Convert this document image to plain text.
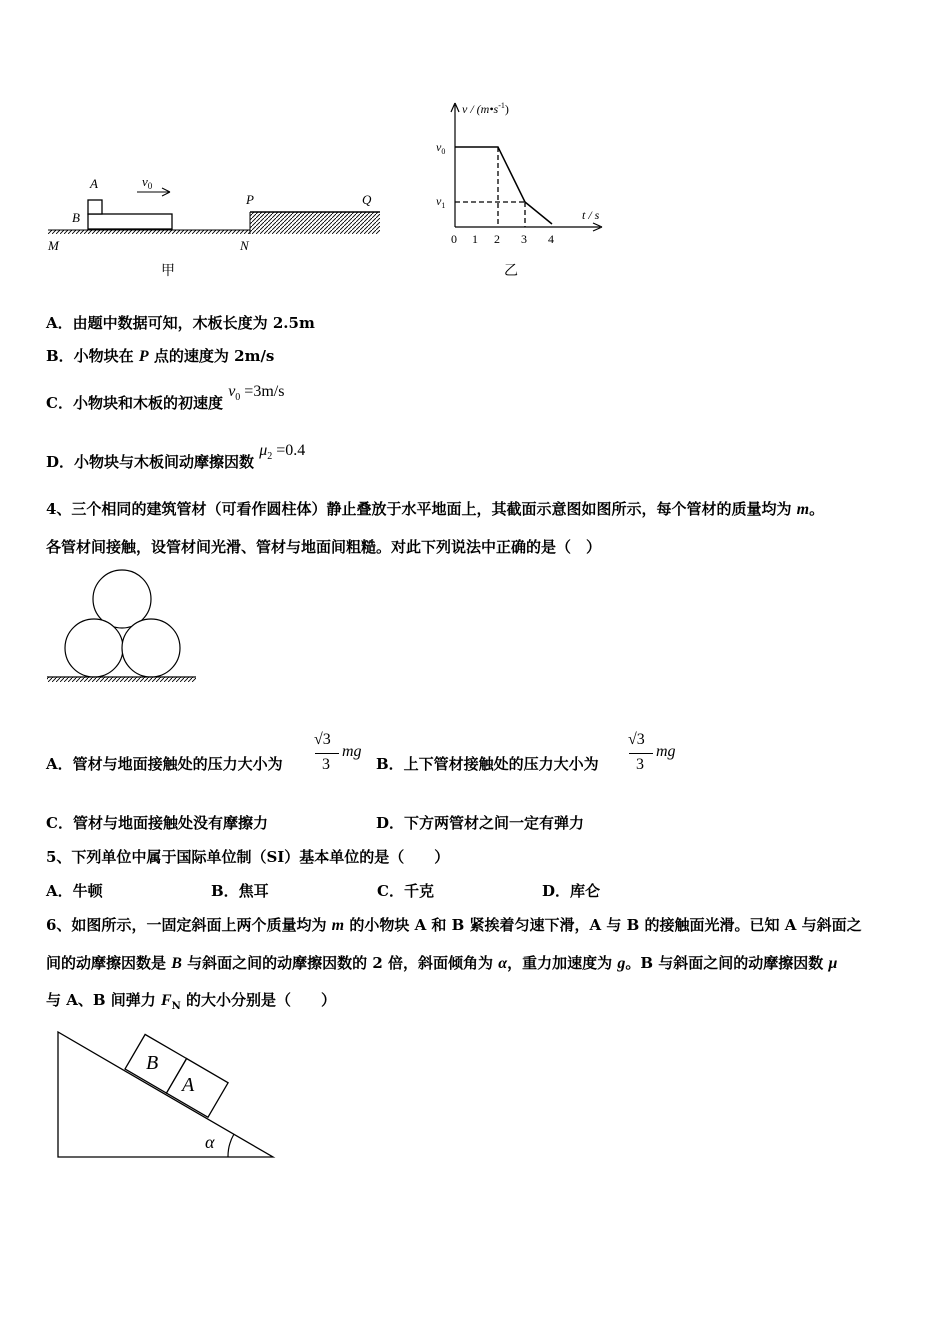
A
B
M	N
P	Q
$v_0$
甲
v / $(m•s^{-1})$
t / s
$v_0$
$v_1$
0 1 2 3 4
乙
A．由题中数据可知，木板长度为 2.5m
B．小物块在 P 点的速度为 2m/s
C．小物块和木板的初速度 $v_0 =3m/s$
D．小物块与木板间动摩擦因数 $\mu_2 =0.4$
4、三个相同的建筑管材（可看作圆柱体）静止叠放于水平地面上，其截面示意图如图所示，每个管材的质量均为 m。
各管材间接触，设管材间光滑、管材与地面间粗糙。对此下列说法中正确的是（　）
A．管材与地面接触处的压力大小为
√3
3
mg
B．上下管材接触处的压力大小为
√3
3
mg
C．管材与地面接触处没有摩擦力	D．下方两管材之间一定有弹力
5、下列单位中属于国际单位制（SI）基本单位的是（　　）
A．牛顿	B．焦耳	C．千克	D．库仑
6、如图所示，一固定斜面上两个质量均为 m 的小物块 A 和 B 紧挨着匀速下滑，A 与 B 的接触面光滑。已知 A 与斜面之
间的动摩擦因数是 B 与斜面之间的动摩擦因数的 2 倍，斜面倾角为 α，重力加速度为 g。B 与斜面之间的动摩擦因数 μ
与 A、B 间弹力 $F_N$ 的大小分别是（　　）
B
A
α
